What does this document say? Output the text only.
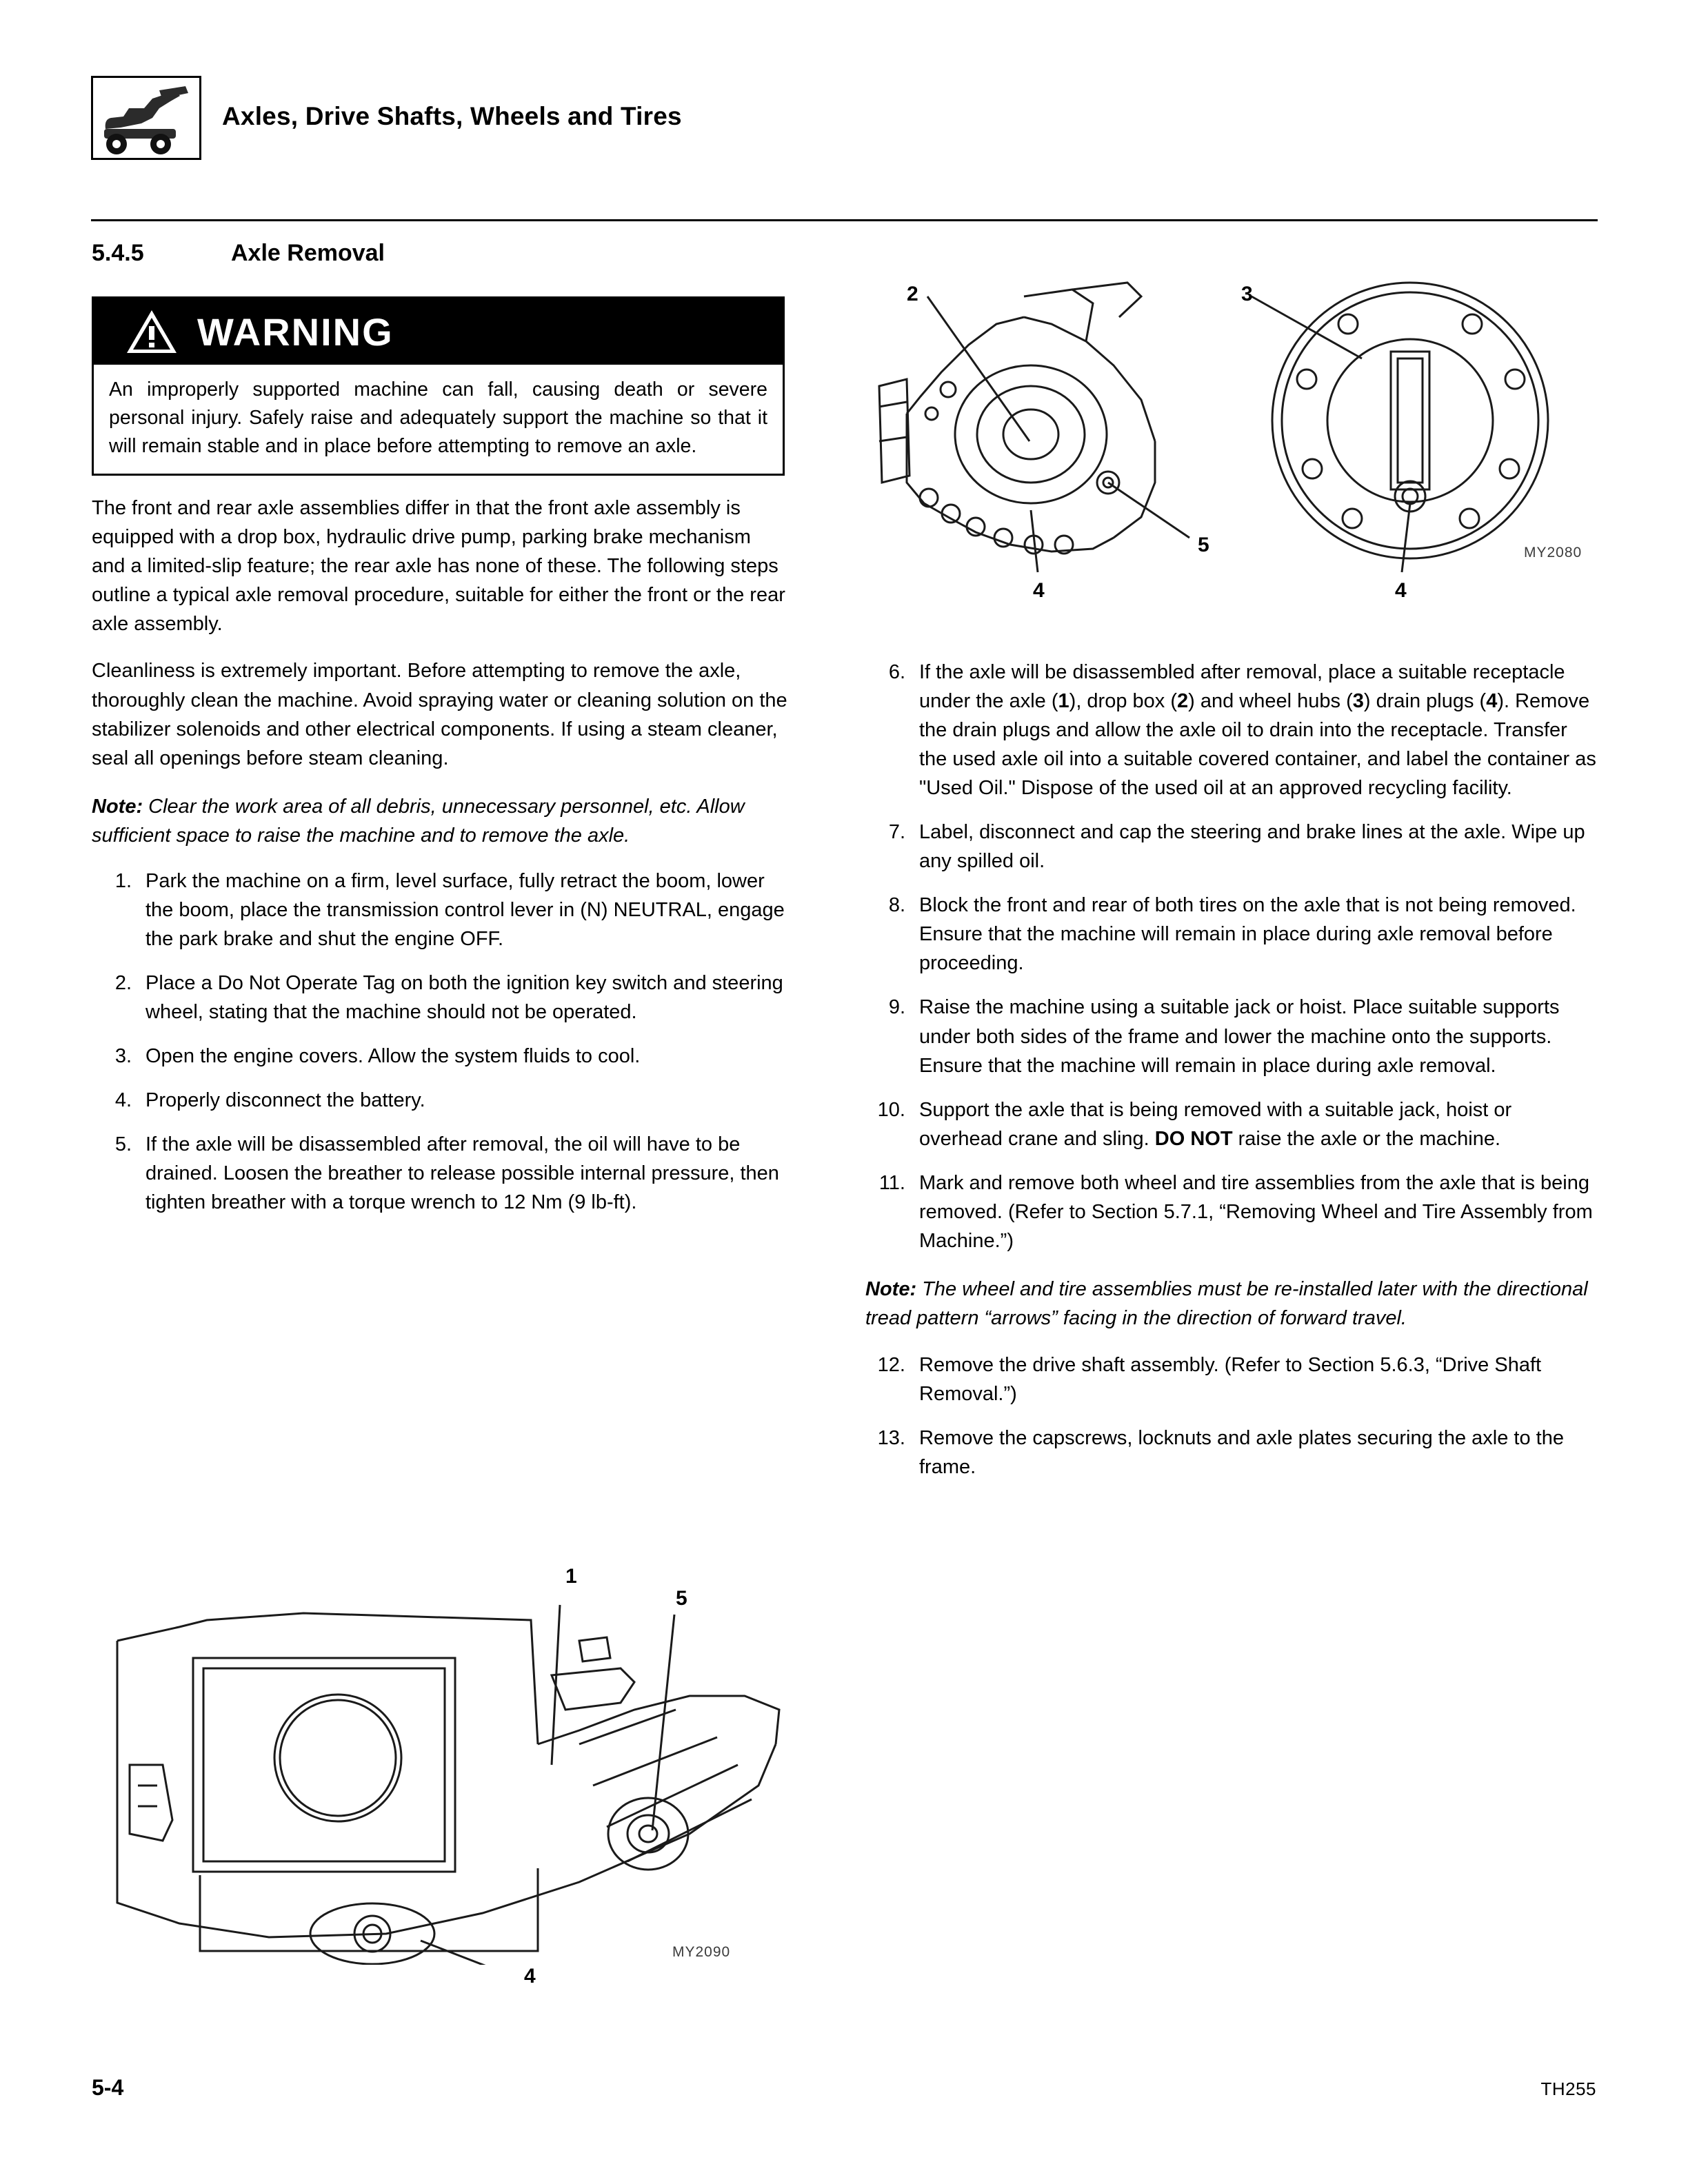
Axles, Drive Shafts, Wheels and Tires
5.4.5	Axle Removal
WARNING
An improperly supported machine can fall, causing death or severe personal injury. Safely raise and adequately support the machine so that it will remain stable and in place before attempting to remove an axle.

The front and rear axle assemblies differ in that the front axle assembly is equipped with a drop box, hydraulic drive pump, parking brake mechanism and a limited-slip feature; the rear axle has none of these. The following steps outline a typical axle removal procedure, suitable for either the front or the rear axle assembly.

Cleanliness is extremely important. Before attempting to remove the axle, thoroughly clean the machine. Avoid spraying water or cleaning solution on the stabilizer solenoids and other electrical components. If using a steam cleaner, seal all openings before steam cleaning.

Note: Clear the work area of all debris, unnecessary personnel, etc. Allow sufficient space to raise the machine and to remove the axle.

1. Park the machine on a firm, level surface, fully retract the boom, lower the boom, place the transmission control lever in (N) NEUTRAL, engage the park brake and shut the engine OFF.
2. Place a Do Not Operate Tag on both the ignition key switch and steering wheel, stating that the machine should not be operated.
3. Open the engine covers. Allow the system fluids to cool.
4. Properly disconnect the battery.
5. If the axle will be disassembled after removal, the oil will have to be drained. Loosen the breather to release possible internal pressure, then tighten breather with a torque wrench to 12 Nm (9 lb-ft).
1
5
4
MY2090
2	3
5
4	4
MY2080
6. If the axle will be disassembled after removal, place a suitable receptacle under the axle (1), drop box (2) and wheel hubs (3) drain plugs (4). Remove the drain plugs and allow the axle oil to drain into the receptacle. Transfer the used axle oil into a suitable covered container, and label the container as "Used Oil." Dispose of the used oil at an approved recycling facility.
7. Label, disconnect and cap the steering and brake lines at the axle. Wipe up any spilled oil.
8. Block the front and rear of both tires on the axle that is not being removed. Ensure that the machine will remain in place during axle removal before proceeding.
9. Raise the machine using a suitable jack or hoist. Place suitable supports under both sides of the frame and lower the machine onto the supports. Ensure that the machine will remain in place during axle removal.
10. Support the axle that is being removed with a suitable jack, hoist or overhead crane and sling. DO NOT raise the axle or the machine.
11. Mark and remove both wheel and tire assemblies from the axle that is being removed. (Refer to Section 5.7.1, “Removing Wheel and Tire Assembly from Machine.”)

Note: The wheel and tire assemblies must be re-installed later with the directional tread pattern “arrows” facing in the direction of forward travel.

12. Remove the drive shaft assembly. (Refer to Section 5.6.3, “Drive Shaft Removal.”)
13. Remove the capscrews, locknuts and axle plates securing the axle to the frame.
5-4	TH255
